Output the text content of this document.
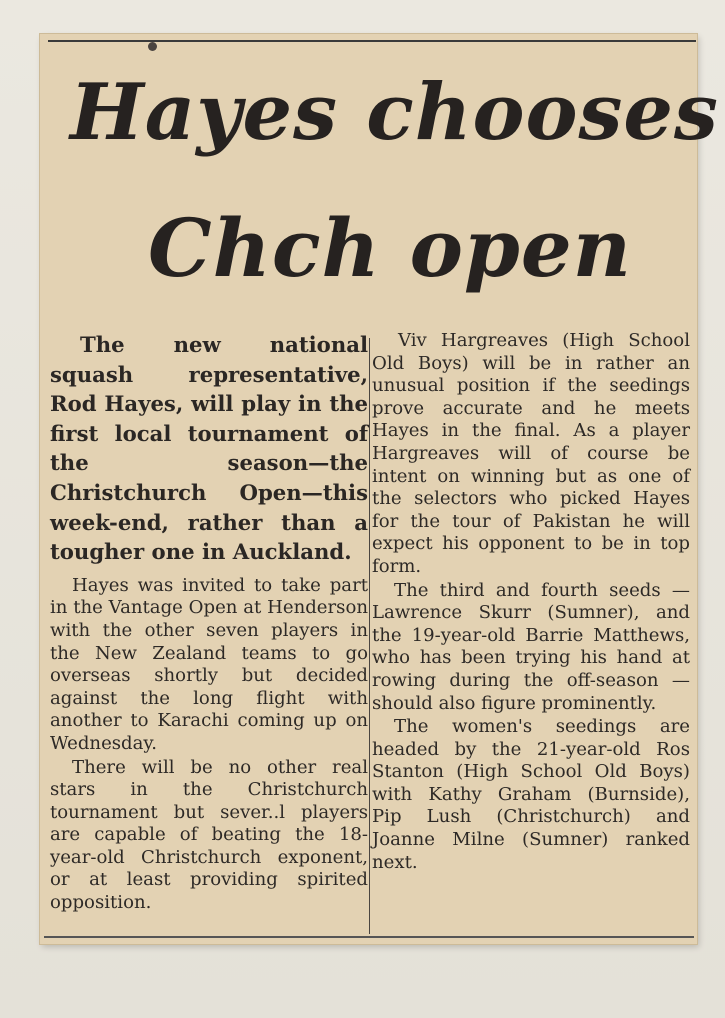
Hayes chooses
Chch open

The new national squash representative, Rod Hayes, will play in the first local tournament of the season—the Christchurch Open—this week-end, rather than a tougher one in Auckland.

Hayes was invited to take part in the Vantage Open at Henderson with the other seven players in the New Zealand teams to go overseas shortly but decided against the long flight with another to Karachi coming up on Wednesday.

There will be no other real stars in the Christchurch tournament but sever..l players are capable of beating the 18-year-old Christchurch exponent, or at least providing spirited opposition.

Viv Hargreaves (High School Old Boys) will be in rather an unusual position if the seedings prove accurate and he meets Hayes in the final. As a player Hargreaves will of course be intent on winning but as one of the selectors who picked Hayes for the tour of Pakistan he will expect his opponent to be in top form.

The third and fourth seeds —Lawrence Skurr (Sumner), and the 19-year-old Barrie Matthews, who has been trying his hand at rowing during the off-season — should also figure prominently.

The women's seedings are headed by the 21-year-old Ros Stanton (High School Old Boys) with Kathy Graham (Burnside), Pip Lush (Christchurch) and Joanne Milne (Sumner) ranked next.
